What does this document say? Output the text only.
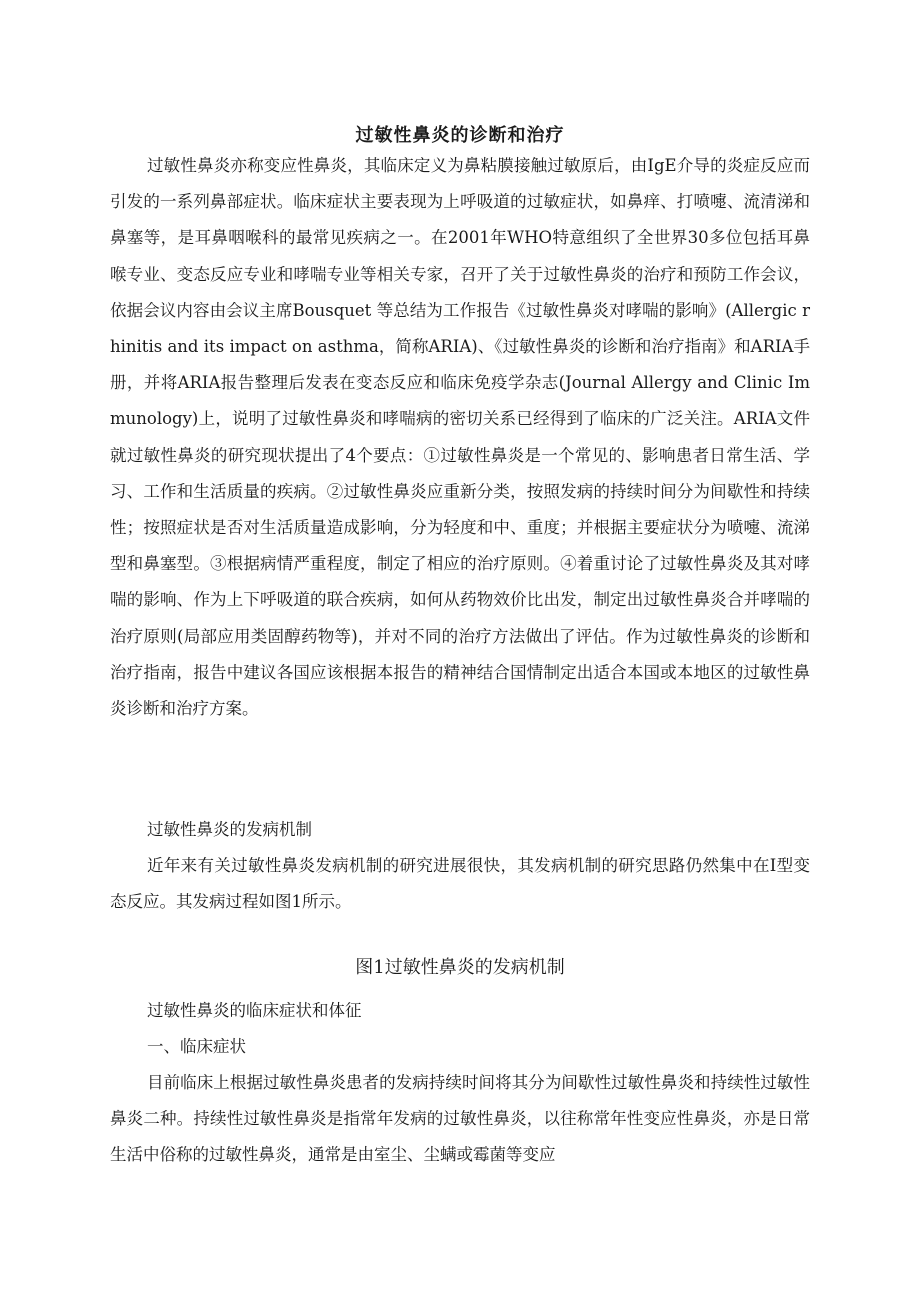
过敏性鼻炎的诊断和治疗

过敏性鼻炎亦称变应性鼻炎，其临床定义为鼻粘膜接触过敏原后，由IgE介导的炎症反应而引发的一系列鼻部症状。临床症状主要表现为上呼吸道的过敏症状，如鼻痒、打喷嚏、流清涕和鼻塞等，是耳鼻咽喉科的最常见疾病之一。在2001年WHO特意组织了全世界30多位包括耳鼻喉专业、变态反应专业和哮喘专业等相关专家，召开了关于过敏性鼻炎的治疗和预防工作会议，依据会议内容由会议主席Bousquet 等总结为工作报告《过敏性鼻炎对哮喘的影响》(Allergic rhinitis and its impact on asthma，简称ARIA)、《过敏性鼻炎的诊断和治疗指南》和ARIA手册，并将ARIA报告整理后发表在变态反应和临床免疫学杂志(Journal Allergy and Clinic Immunology)上，说明了过敏性鼻炎和哮喘病的密切关系已经得到了临床的广泛关注。ARIA文件就过敏性鼻炎的研究现状提出了4个要点：①过敏性鼻炎是一个常见的、影响患者日常生活、学习、工作和生活质量的疾病。②过敏性鼻炎应重新分类，按照发病的持续时间分为间歇性和持续性；按照症状是否对生活质量造成影响，分为轻度和中、重度；并根据主要症状分为喷嚏、流涕型和鼻塞型。③根据病情严重程度，制定了相应的治疗原则。④着重讨论了过敏性鼻炎及其对哮喘的影响、作为上下呼吸道的联合疾病，如何从药物效价比出发，制定出过敏性鼻炎合并哮喘的治疗原则(局部应用类固醇药物等)，并对不同的治疗方法做出了评估。作为过敏性鼻炎的诊断和治疗指南，报告中建议各国应该根据本报告的精神结合国情制定出适合本国或本地区的过敏性鼻炎诊断和治疗方案。

过敏性鼻炎的发病机制

近年来有关过敏性鼻炎发病机制的研究进展很快，其发病机制的研究思路仍然集中在I型变态反应。其发病过程如图1所示。

图1过敏性鼻炎的发病机制
过敏性鼻炎的临床症状和体征
一、临床症状

目前临床上根据过敏性鼻炎患者的发病持续时间将其分为间歇性过敏性鼻炎和持续性过敏性鼻炎二种。持续性过敏性鼻炎是指常年发病的过敏性鼻炎，以往称常年性变应性鼻炎，亦是日常生活中俗称的过敏性鼻炎，通常是由室尘、尘螨或霉菌等变应
